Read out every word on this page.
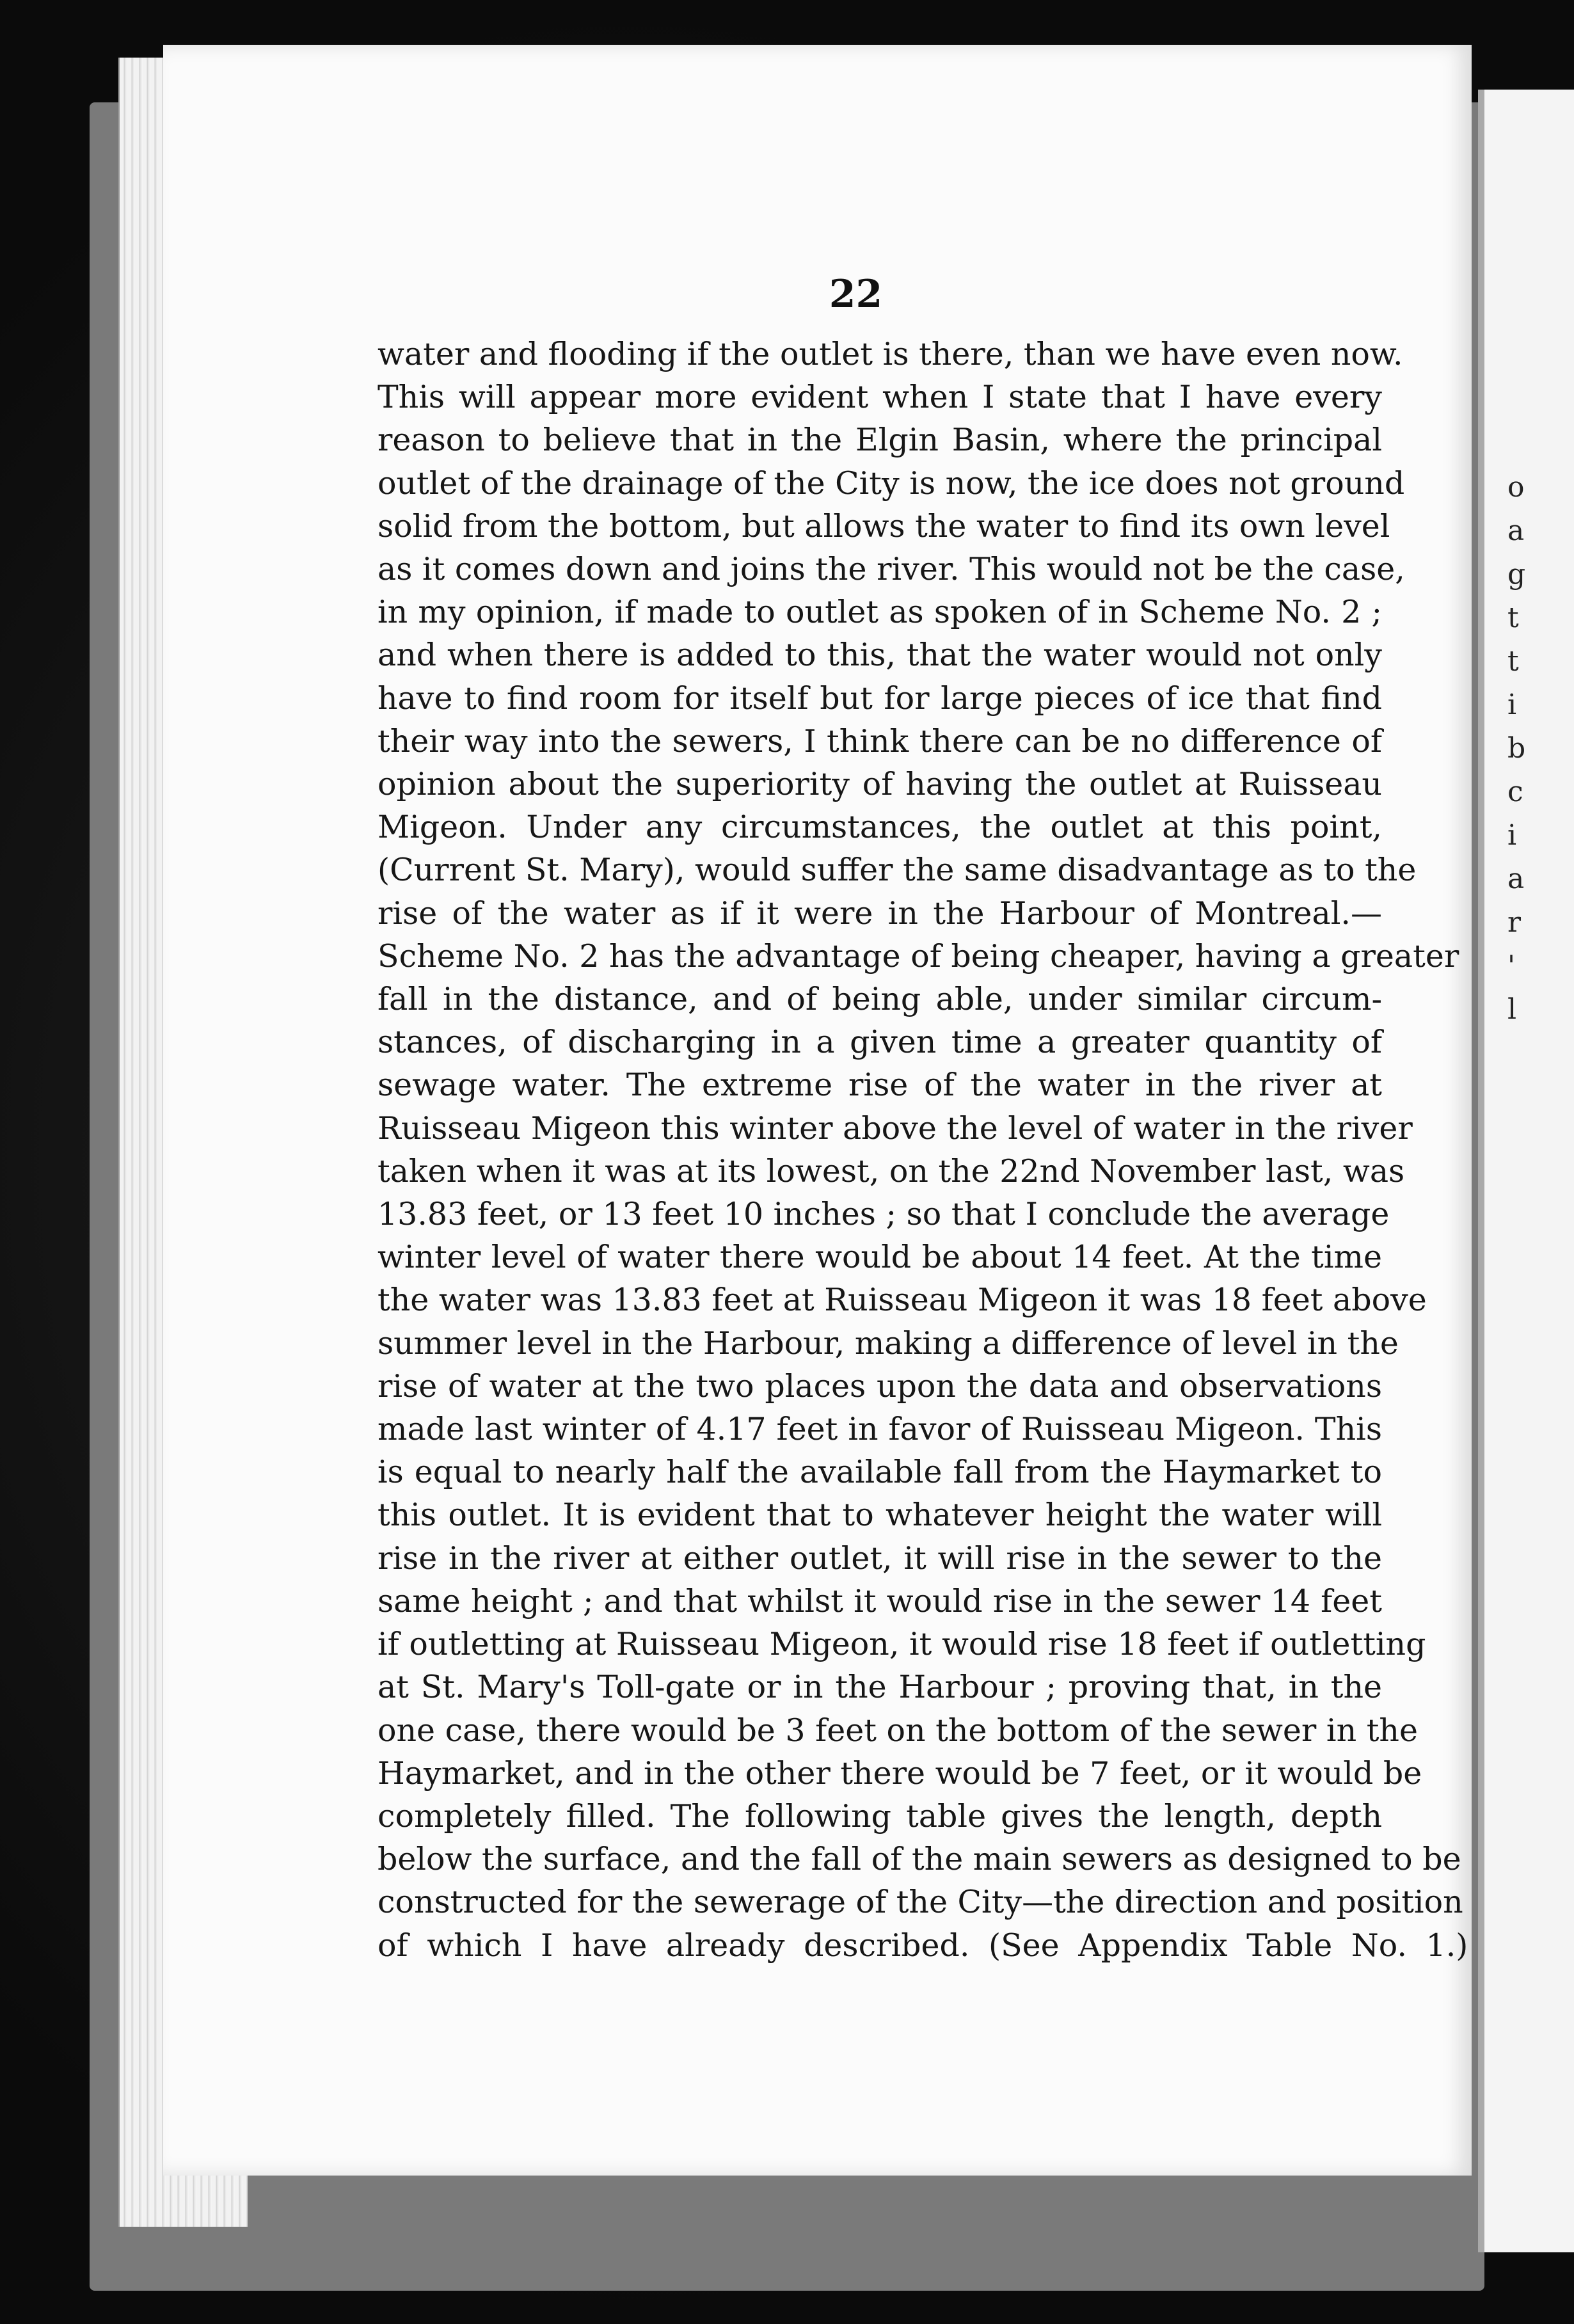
o
a
g
t
t
i
b
c
i
a
r
'
l
22
water and flooding if the outlet is there, than we have even now.
This will appear more evident when I state that I have every
reason to believe that in the Elgin Basin, where the principal
outlet of the drainage of the City is now, the ice does not ground
solid from the bottom, but allows the water to find its own level
as it comes down and joins the river. This would not be the case,
in my opinion, if made to outlet as spoken of in Scheme No. 2 ;
and when there is added to this, that the water would not only
have to find room for itself but for large pieces of ice that find
their way into the sewers, I think there can be no difference of
opinion about the superiority of having the outlet at Ruisseau
Migeon. Under any circumstances, the outlet at this point,
(Current St. Mary), would suffer the same disadvantage as to the
rise of the water as if it were in the Harbour of Montreal.—
Scheme No. 2 has the advantage of being cheaper, having a greater
fall in the distance, and of being able, under similar circum-
stances, of discharging in a given time a greater quantity of
sewage water. The extreme rise of the water in the river at
Ruisseau Migeon this winter above the level of water in the river
taken when it was at its lowest, on the 22nd November last, was
13.83 feet, or 13 feet 10 inches ; so that I conclude the average
winter level of water there would be about 14 feet. At the time
the water was 13.83 feet at Ruisseau Migeon it was 18 feet above
summer level in the Harbour, making a difference of level in the
rise of water at the two places upon the data and observations
made last winter of 4.17 feet in favor of Ruisseau Migeon. This
is equal to nearly half the available fall from the Haymarket to
this outlet. It is evident that to whatever height the water will
rise in the river at either outlet, it will rise in the sewer to the
same height ; and that whilst it would rise in the sewer 14 feet
if outletting at Ruisseau Migeon, it would rise 18 feet if outletting
at St. Mary's Toll-gate or in the Harbour ; proving that, in the
one case, there would be 3 feet on the bottom of the sewer in the
Haymarket, and in the other there would be 7 feet, or it would be
completely filled. The following table gives the length, depth
below the surface, and the fall of the main sewers as designed to be
constructed for the sewerage of the City—the direction and position
of which I have already described. (See Appendix Table No. 1.)
